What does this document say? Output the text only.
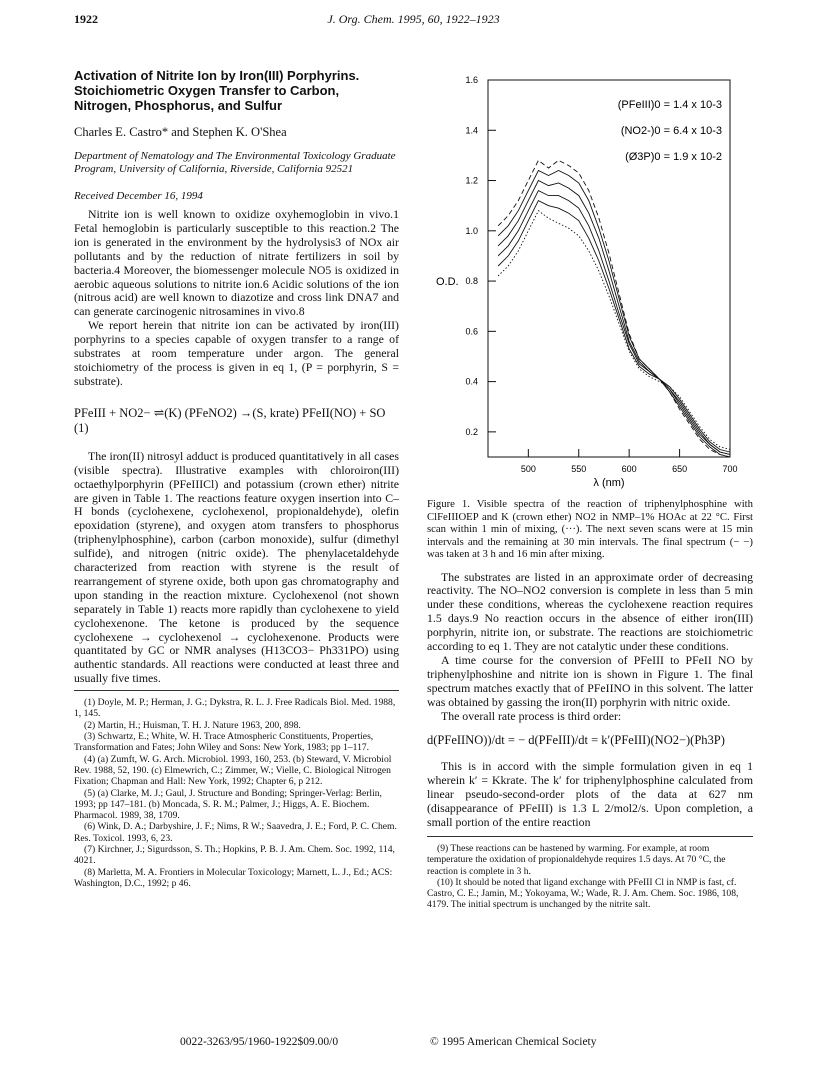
1922	J. Org. Chem. 1995, 60, 1922–1923
Activation of Nitrite Ion by Iron(III) Porphyrins. Stoichiometric Oxygen Transfer to Carbon, Nitrogen, Phosphorus, and Sulfur
Charles E. Castro* and Stephen K. O'Shea

Department of Nematology and The Environmental Toxicology Graduate Program, University of California, Riverside, California 92521

Received December 16, 1994

Nitrite ion is well known to oxidize oxyhemoglobin in vivo.1 Fetal hemoglobin is particularly susceptible to this reaction.2 The ion is generated in the environment by the hydrolysis3 of NOx air pollutants and by the reduction of nitrate fertilizers in soil by bacteria.4 Moreover, the biomessenger molecule NO5 is oxidized in aerobic aqueous solutions to nitrite ion.6 Acidic solutions of the ion (nitrous acid) are well known to diazotize and cross link DNA7 and can generate carcinogenic nitrosamines in vivo.8

We report herein that nitrite ion can be activated by iron(III) porphyrins to a species capable of oxygen transfer to a range of substrates at room temperature under argon. The general stoichiometry of the process is given in eq 1, (P = porphyrin, S = substrate).

PFeIII + NO2− ⇌(K) (PFeNO2) →(S, krate) PFeII(NO) + SO (1)

The iron(II) nitrosyl adduct is produced quantitatively in all cases (visible spectra). Illustrative examples with chloroiron(III) octaethylporphyrin (PFeIIICl) and potassium (crown ether) nitrite are given in Table 1. The reactions feature oxygen insertion into C–H bonds (cyclohexene, cyclohexenol, propionaldehyde), olefin epoxidation (styrene), and oxygen atom transfers to phosphorus (triphenylphosphine), carbon (carbon monoxide), sulfur (dimethyl sulfide), and nitrogen (nitric oxide). The phenylacetaldehyde characterized from reaction with styrene is the result of rearrangement of styrene oxide, both upon gas chromatography and upon standing in the reaction mixture. Cyclohexenol (not shown separately in Table 1) reacts more rapidly than cyclohexene to yield cyclohexenone. The ketone is produced by the sequence cyclohexene → cyclohexenol → cyclohexenone. Products were quantitated by GC or NMR analyses (H13CO3− Ph331PO) using authentic standards. All reactions were conducted at least three and usually five times.

(1) Doyle, M. P.; Herman, J. G.; Dykstra, R. L. J. Free Radicals Biol. Med. 1988, 1, 145.
(2) Martin, H.; Huisman, T. H. J. Nature 1963, 200, 898.
(3) Schwartz, E.; White, W. H. Trace Atmospheric Constituents, Properties, Transformation and Fates; John Wiley and Sons: New York, 1983; pp 1–117.
(4) (a) Zumft, W. G. Arch. Microbiol. 1993, 160, 253. (b) Steward, V. Microbiol Rev. 1988, 52, 190. (c) Elmewrich, C.; Zimmer, W.; Vielle, C. Biological Nitrogen Fixation; Chapman and Hall: New York, 1992; Chapter 6, p 212.
(5) (a) Clarke, M. J.; Gaul, J. Structure and Bonding; Springer-Verlag: Berlin, 1993; pp 147–181. (b) Moncada, S. R. M.; Palmer, J.; Higgs, A. E. Biochem. Pharmacol. 1989, 38, 1709.
(6) Wink, D. A.; Darbyshire, J. F.; Nims, R W.; Saavedra, J. E.; Ford, P. C. Chem. Res. Toxicol. 1993, 6, 23.
(7) Kirchner, J.; Sigurdsson, S. Th.; Hopkins, P. B. J. Am. Chem. Soc. 1992, 114, 4021.
(8) Marletta, M. A. Frontiers in Molecular Toxicology; Marnett, L. J., Ed.; ACS: Washington, D.C., 1992; p 46.
0.2
0.4
0.6
0.8
1.0
1.2
1.4
1.6
500	550	600	650	700
λ (nm)
O.D.
(PFeIII)0 = 1.4 x 10-3
(NO2-)0 = 6.4 x 10-3
(Ø3P)0 = 1.9 x 10-2

Figure 1. Visible spectra of the reaction of triphenylphosphine with ClFeIIIOEP and K (crown ether) NO2 in NMP–1% HOAc at 22 °C. First scan within 1 min of mixing, (···). The next seven scans were at 15 min intervals and the remaining at 30 min intervals. The final spectrum (− −) was taken at 3 h and 16 min after mixing.

The substrates are listed in an approximate order of decreasing reactivity. The NO–NO2 conversion is complete in less than 5 min under these conditions, whereas the cyclohexene reaction requires 1.5 days.9 No reaction occurs in the absence of either iron(III) porphyrin, nitrite ion, or substrate. The reactions are stoichiometric according to eq 1. They are not catalytic under these conditions.

A time course for the conversion of PFeIII to PFeII NO by triphenylphoshine and nitrite ion is shown in Figure 1. The final spectrum matches exactly that of PFeIINO in this solvent. The latter was obtained by gassing the iron(II) porphyrin with nitric oxide.

The overall rate process is third order:

d(PFeIINO))/dt = − d(PFeIII)/dt = k′(PFeIII)(NO2−)(Ph3P)

This is in accord with the simple formulation given in eq 1 wherein k′ = Kkrate. The k′ for triphenylphosphine calculated from linear pseudo-second-order plots of the data at 627 nm (disappearance of PFeIII) is 1.3 L 2/mol2/s. Upon completion, a small portion of the entire reaction

(9) These reactions can be hastened by warming. For example, at room temperature the oxidation of propionaldehyde requires 1.5 days. At 70 °C, the reaction is complete in 3 h.
(10) It should be noted that ligand exchange with PFeIII Cl in NMP is fast, cf. Castro, C. E.; Jamin, M.; Yokoyama, W.; Wade, R. J. Am. Chem. Soc. 1986, 108, 4179. The initial spectrum is unchanged by the nitrite salt.
0022-3263/95/1960-1922$09.00/0	© 1995 American Chemical Society
